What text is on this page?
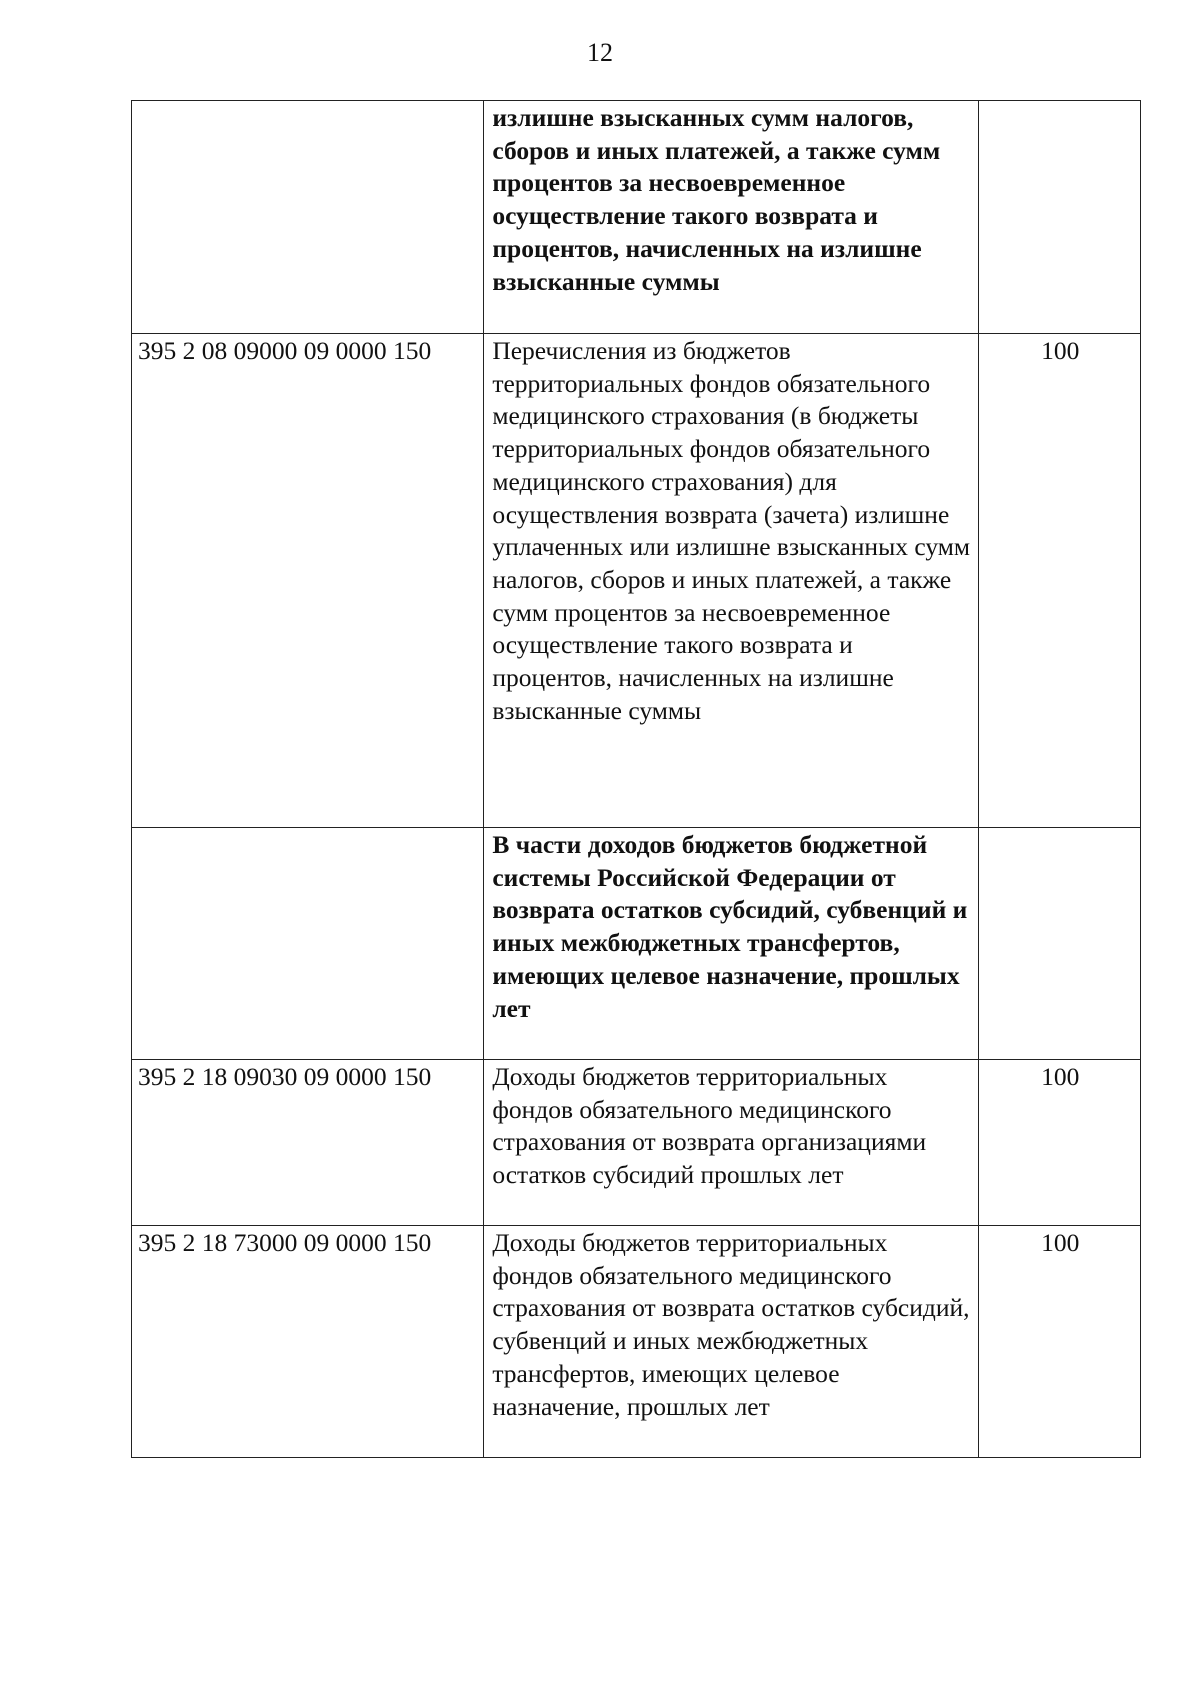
12
	излишне взысканных сумм налогов, сборов и иных платежей, а также сумм процентов за несвоевременное осуществление такого возврата и процентов, начисленных на излишне взысканные суммы	
395 2 08 09000 09 0000 150	Перечисления из бюджетов территориальных фондов обязательного медицинского страхования (в бюджеты территориальных фондов обязательного медицинского страхования) для осуществления возврата (зачета) излишне уплаченных или излишне взысканных сумм налогов, сборов и иных платежей, а также сумм процентов за несвоевременное осуществление такого возврата и процентов, начисленных на излишне взысканные суммы	100
	В части доходов бюджетов бюджетной системы Российской Федерации от возврата остатков субсидий, субвенций и иных межбюджетных трансфертов, имеющих целевое назначение, прошлых лет	
395 2 18 09030 09 0000 150	Доходы бюджетов территориальных фондов обязательного медицинского страхования от возврата организациями остатков субсидий прошлых лет	100
395 2 18 73000 09 0000 150	Доходы бюджетов территориальных фондов обязательного медицинского страхования от возврата остатков субсидий, субвенций и иных межбюджетных трансфертов, имеющих целевое назначение, прошлых лет	100
